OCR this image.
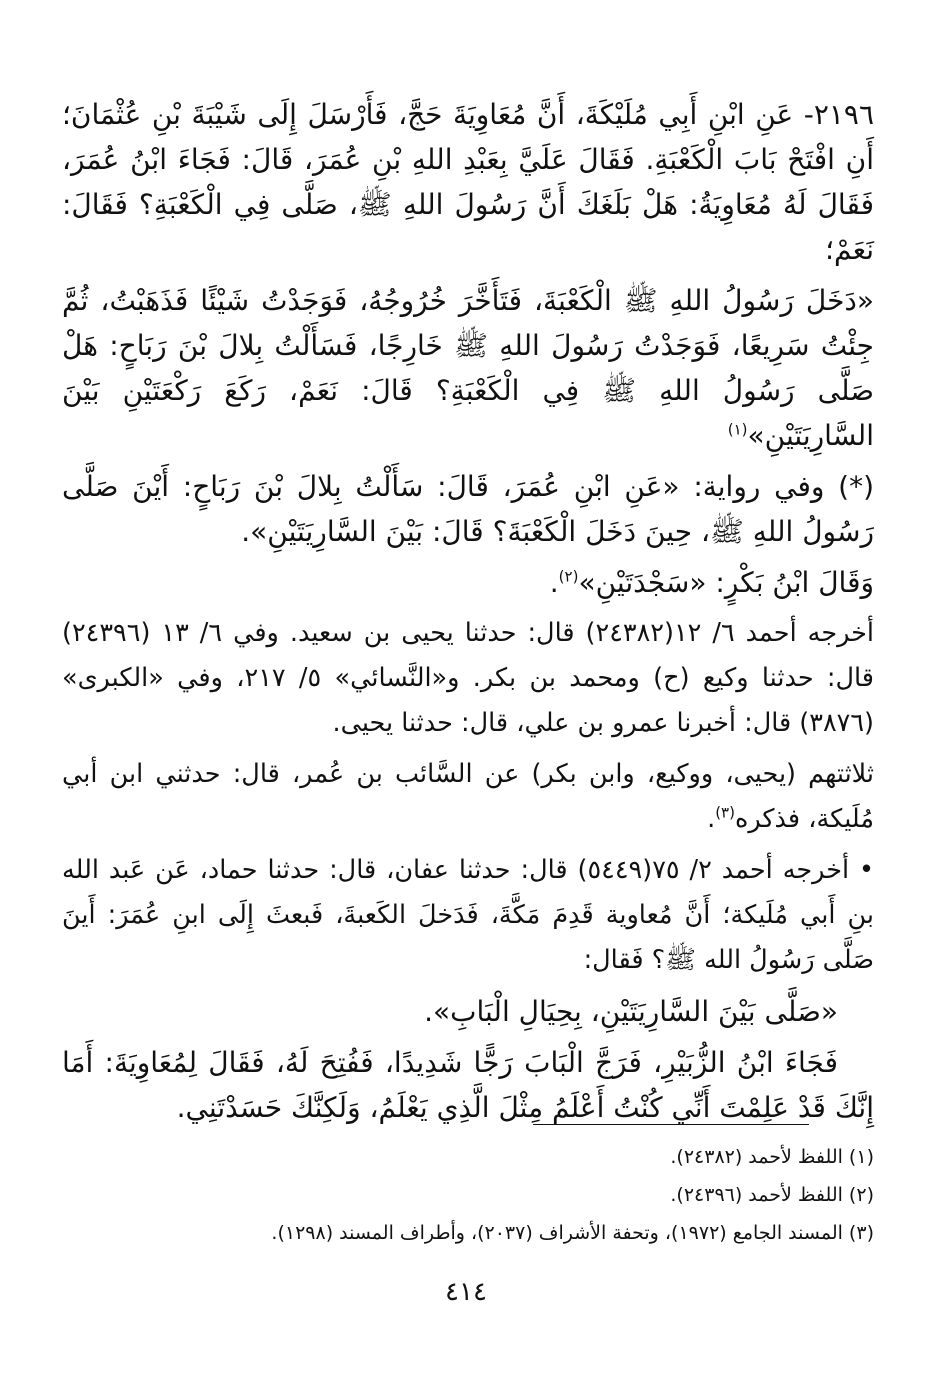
٢١٩٦- عَنِ ابْنِ أَبِي مُلَيْكَةَ، أَنَّ مُعَاوِيَةَ حَجَّ، فَأَرْسَلَ إِلَى شَيْبَةَ بْنِ عُثْمَانَ؛ أَنِ افْتَحْ بَابَ الْكَعْبَةِ. فَقَالَ عَلَيَّ بِعَبْدِ اللهِ بْنِ عُمَرَ، قَالَ: فَجَاءَ ابْنُ عُمَرَ، فَقَالَ لَهُ مُعَاوِيَةُ: هَلْ بَلَغَكَ أَنَّ رَسُولَ اللهِ ﷺ، صَلَّى فِي الْكَعْبَةِ؟ فَقَالَ: نَعَمْ؛

«دَخَلَ رَسُولُ اللهِ ﷺ الْكَعْبَةَ، فَتَأَخَّرَ خُرُوجُهُ، فَوَجَدْتُ شَيْئًا فَذَهَبْتُ، ثُمَّ جِئْتُ سَرِيعًا، فَوَجَدْتُ رَسُولَ اللهِ ﷺ خَارِجًا، فَسَأَلْتُ بِلالَ بْنَ رَبَاحٍ: هَلْ صَلَّى رَسُولُ اللهِ ﷺ فِي الْكَعْبَةِ؟ قَالَ: نَعَمْ، رَكَعَ رَكْعَتَيْنِ بَيْنَ السَّارِيَتَيْنِ»$^{(١)}$

(*) وفي رواية: «عَنِ ابْنِ عُمَرَ، قَالَ: سَأَلْتُ بِلالَ بْنَ رَبَاحٍ: أَيْنَ صَلَّى رَسُولُ اللهِ ﷺ، حِينَ دَخَلَ الْكَعْبَةَ؟ قَالَ: بَيْنَ السَّارِيَتَيْنِ».

وَقَالَ ابْنُ بَكْرٍ: «سَجْدَتَيْنِ»$^{(٢)}$.

أخرجه أحمد ٦/ ١٢(٢٤٣٨٢) قال: حدثنا يحيى بن سعيد. وفي ٦/ ١٣ (٢٤٣٩٦) قال: حدثنا وكيع (ح) ومحمد بن بكر. و«النَّسائي» ٥/ ٢١٧، وفي «الكبرى» (٣٨٧٦) قال: أخبرنا عمرو بن علي، قال: حدثنا يحيى.

ثلاثتهم (يحيى، ووكيع، وابن بكر) عن السَّائب بن عُمر، قال: حدثني ابن أبي مُلَيكة، فذكره$^{(٣)}$.

• أخرجه أحمد ٢/ ٧٥(٥٤٤٩) قال: حدثنا عفان، قال: حدثنا حماد، عَن عَبد الله بنِ أَبي مُلَيكة؛ أَنَّ مُعاوية قَدِمَ مَكَّةَ، فَدَخلَ الكَعبةَ، فَبعثَ إِلَى ابنِ عُمَرَ: أَينَ صَلَّى رَسُولُ الله ﷺ؟ فَقال:

«صَلَّى بَيْنَ السَّارِيَتَيْنِ، بِحِيَالِ الْبَابِ».

فَجَاءَ ابْنُ الزُّبَيْرِ، فَرَجَّ الْبَابَ رَجًّا شَدِيدًا، فَفُتِحَ لَهُ، فَقَالَ لِمُعَاوِيَةَ: أَمَا إِنَّكَ قَدْ عَلِمْتَ أَنِّي كُنْتُ أَعْلَمُ مِثْلَ الَّذِي يَعْلَمُ، وَلَكِنَّكَ حَسَدْتَنِي.

(١) اللفظ لأحمد (٢٤٣٨٢).

(٢) اللفظ لأحمد (٢٤٣٩٦).

(٣) المسند الجامع (١٩٧٢)، وتحفة الأشراف (٢٠٣٧)، وأطراف المسند (١٢٩٨).

٤١٤
